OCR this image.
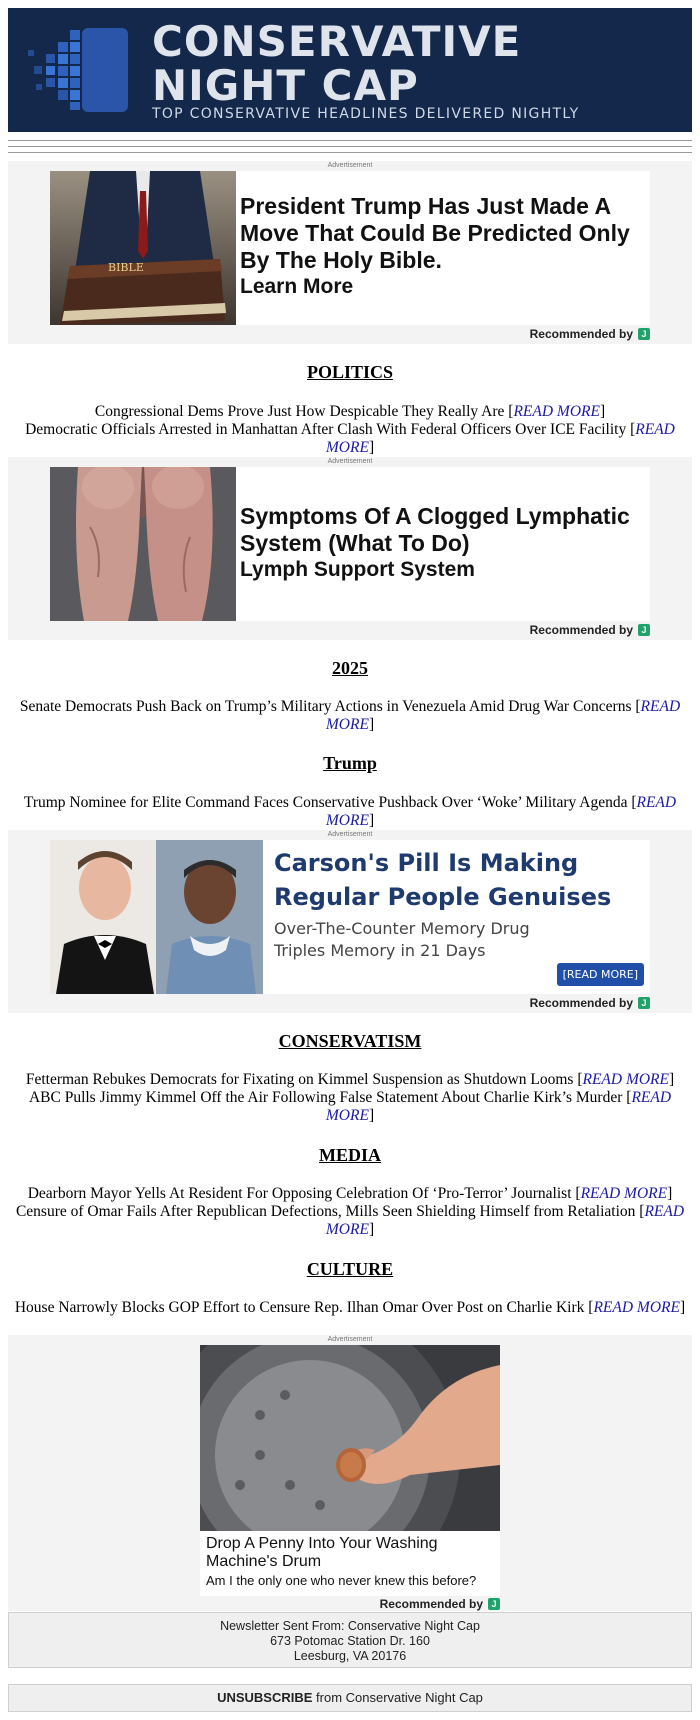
CONSERVATIVE
NIGHT CAP
TOP CONSERVATIVE HEADLINES DELIVERED NIGHTLY
Advertisement
BIBLE
President Trump Has Just Made A Move That Could Be Predicted Only By The Holy Bible.
Learn More
Recommended by J
POLITICS
Congressional Dems Prove Just How Despicable They Really Are [READ MORE]
Democratic Officials Arrested in Manhattan After Clash With Federal Officers Over ICE Facility [READ MORE]
Advertisement
Symptoms Of A Clogged Lymphatic System (What To Do)
Lymph Support System
Recommended by J
2025
Senate Democrats Push Back on Trump’s Military Actions in Venezuela Amid Drug War Concerns [READ MORE]
Trump
Trump Nominee for Elite Command Faces Conservative Pushback Over ‘Woke’ Military Agenda [READ MORE]
Advertisement
Carson's Pill Is Making Regular People Genuises
Over-The-Counter Memory Drug Triples Memory in 21 Days
[READ MORE]
Recommended by J
CONSERVATISM
Fetterman Rebukes Democrats for Fixating on Kimmel Suspension as Shutdown Looms [READ MORE]
ABC Pulls Jimmy Kimmel Off the Air Following False Statement About Charlie Kirk’s Murder [READ MORE]
MEDIA
Dearborn Mayor Yells At Resident For Opposing Celebration Of ‘Pro-Terror’ Journalist [READ MORE]
Censure of Omar Fails After Republican Defections, Mills Seen Shielding Himself from Retaliation [READ MORE]
CULTURE
House Narrowly Blocks GOP Effort to Censure Rep. Ilhan Omar Over Post on Charlie Kirk [READ MORE]
Advertisement
Drop A Penny Into Your Washing Machine's Drum
Am I the only one who never knew this before?
Recommended by J
Newsletter Sent From: Conservative Night Cap
673 Potomac Station Dr. 160
Leesburg, VA 20176
UNSUBSCRIBE from Conservative Night Cap
